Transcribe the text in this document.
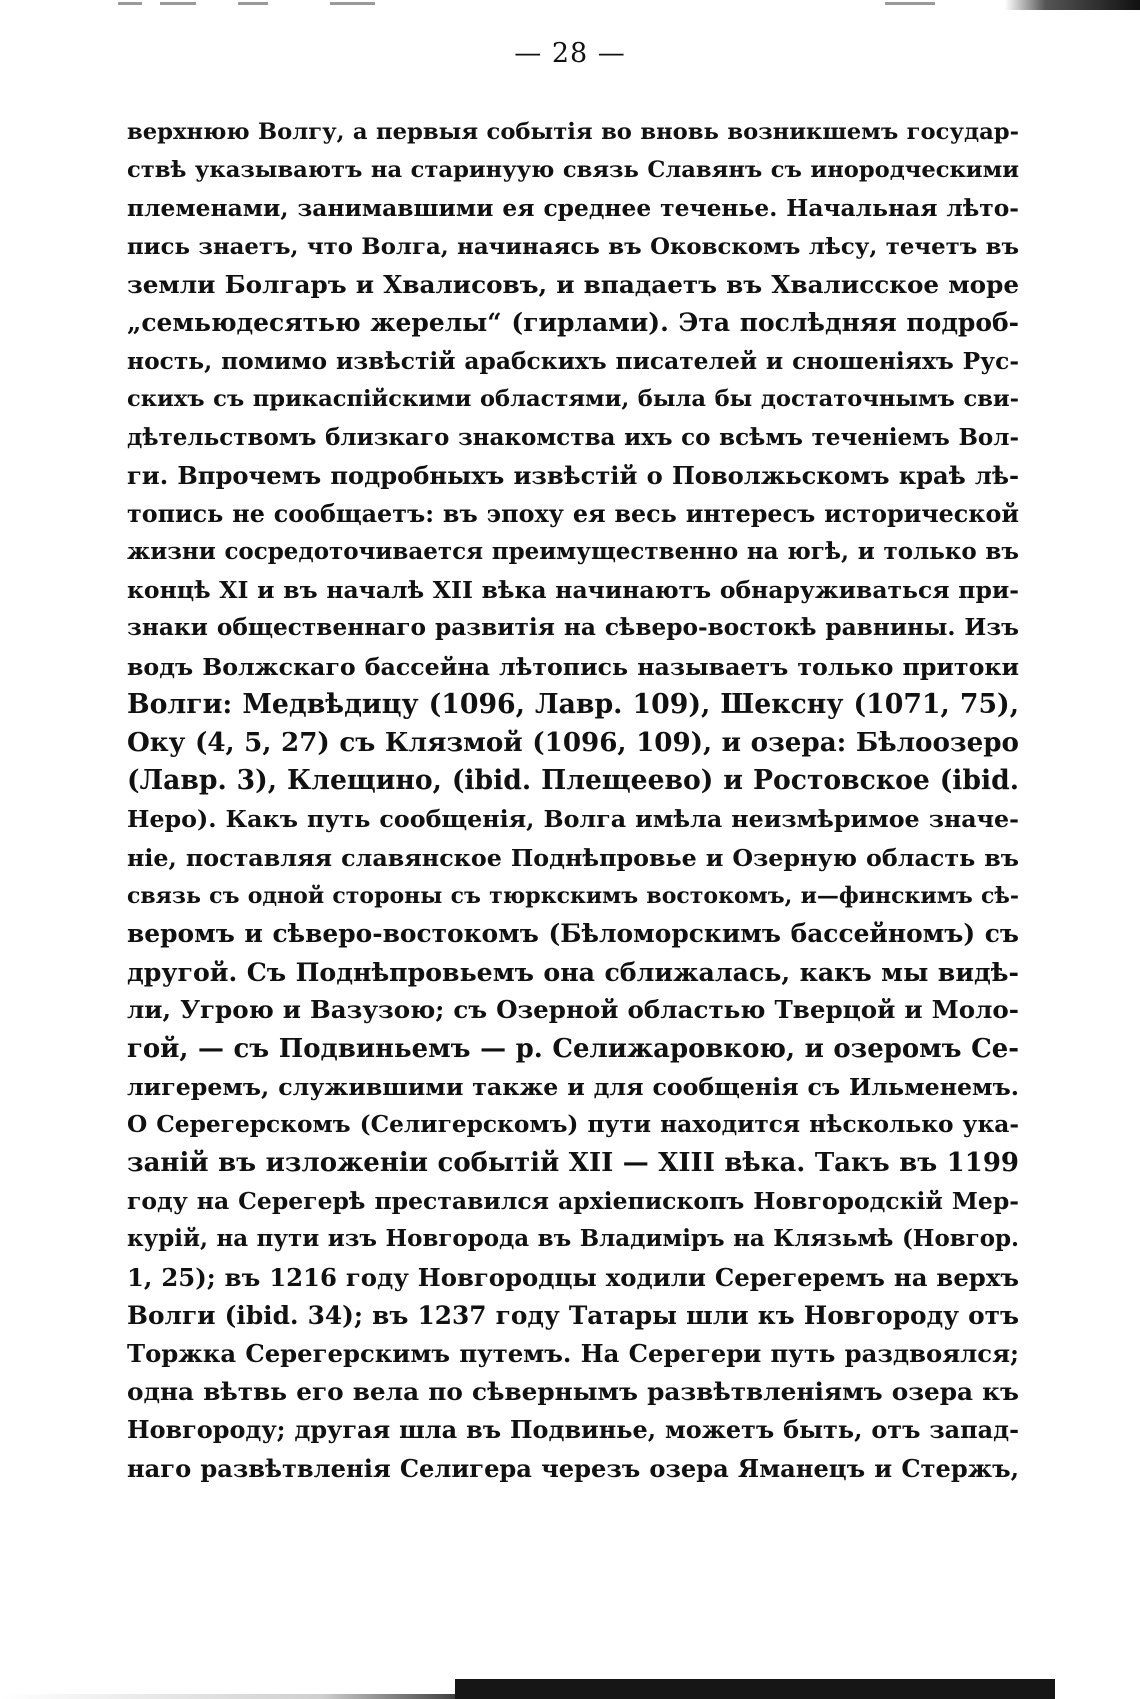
— 28 —
верхнюю Волгу, а первыя событія во вновь возникшемъ государ-
ствѣ указываютъ на старинуую связь Славянъ съ инородческими
племенами, занимавшими ея среднее теченье. Начальная лѣто-
пись знаетъ, что Волга, начинаясь въ Оковскомъ лѣсу, течетъ въ
земли Болгаръ и Хвалисовъ, и впадаетъ въ Хвалисское море
„семьюдесятью жерелы“ (гирлами). Эта послѣдняя подроб-
ность, помимо извѣстій арабскихъ писателей и сношеніяхъ Рус-
скихъ съ прикаспійскими областями, была бы достаточнымъ сви-
дѣтельствомъ близкаго знакомства ихъ со всѣмъ теченіемъ Вол-
ги. Впрочемъ подробныхъ извѣстій о Поволжьскомъ краѣ лѣ-
топись не сообщаетъ: въ эпоху ея весь интересъ исторической
жизни сосредоточивается преимущественно на югѣ, и только въ
концѣ XI и въ началѣ XII вѣка начинаютъ обнаруживаться при-
знаки общественнаго развитія на сѣверо-востокѣ равнины. Изъ
водъ Волжскаго бассейна лѣтопись называетъ только притоки
Волги: Медвѣдицу (1096, Лавр. 109), Шексну (1071, 75),
Оку (4, 5, 27) съ Клязмой (1096, 109), и озера: Бѣлоозеро
(Лавр. 3), Клещино, (ibid. Плещеево) и Ростовское (ibid.
Неро). Какъ путь сообщенія, Волга имѣла неизмѣримое значе-
ніе, поставляя славянское Поднѣпровье и Озерную область въ
связь съ одной стороны съ тюркскимъ востокомъ, и—финскимъ сѣ-
веромъ и сѣверо-востокомъ (Бѣломорскимъ бассейномъ) съ
другой. Съ Поднѣпровьемъ она сближалась, какъ мы видѣ-
ли, Угрою и Вазузою; съ Озерной областью Тверцой и Моло-
гой, — съ Подвиньемъ — р. Селижаровкою, и озеромъ Се-
лигеремъ, служившими также и для сообщенія съ Ильменемъ.
О Серегерскомъ (Селигерскомъ) пути находится нѣсколько ука-
заній въ изложеніи событій XII — XIII вѣка. Такъ въ 1199
году на Серегерѣ преставился архіепископъ Новгородскій Мер-
курій, на пути изъ Новгорода въ Владиміръ на Клязьмѣ (Новгор.
1, 25); въ 1216 году Новгородцы ходили Серегеремъ на верхъ
Волги (ibid. 34); въ 1237 году Татары шли къ Новгороду отъ
Торжка Серегерскимъ путемъ. На Серегери путь раздвоялся;
одна вѣтвь его вела по сѣвернымъ развѣтвленіямъ озера къ
Новгороду; другая шла въ Подвинье, можетъ быть, отъ запад-
наго развѣтвленія Селигера черезъ озера Яманецъ и Стержъ,
